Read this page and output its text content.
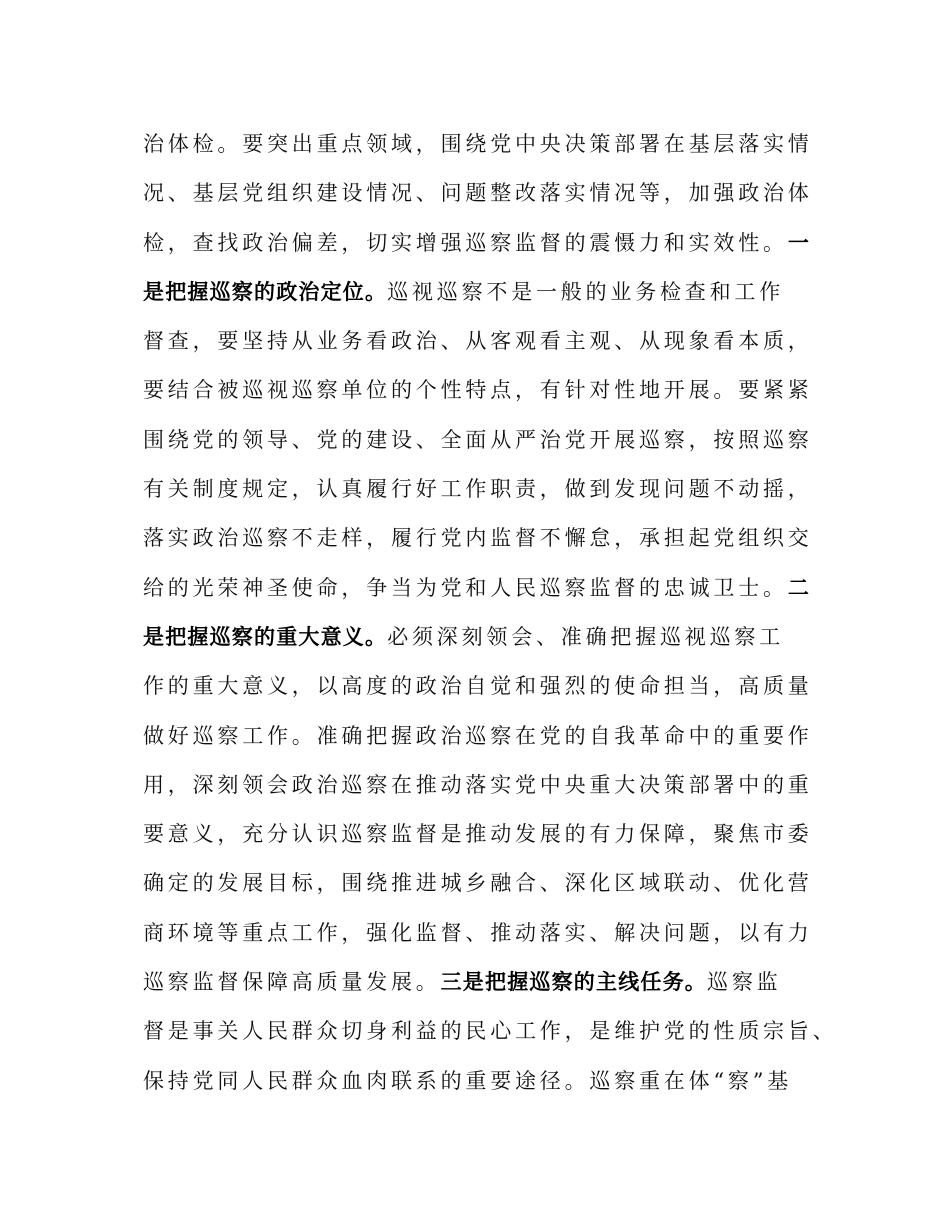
治体检。要突出重点领域，围绕党中央决策部署在基层落实情
况、基层党组织建设情况、问题整改落实情况等，加强政治体
检，查找政治偏差，切实增强巡察监督的震慑力和实效性。一
是把握巡察的政治定位。巡视巡察不是一般的业务检查和工作
督查，要坚持从业务看政治、从客观看主观、从现象看本质，
要结合被巡视巡察单位的个性特点，有针对性地开展。要紧紧
围绕党的领导、党的建设、全面从严治党开展巡察，按照巡察
有关制度规定，认真履行好工作职责，做到发现问题不动摇，
落实政治巡察不走样，履行党内监督不懈怠，承担起党组织交
给的光荣神圣使命，争当为党和人民巡察监督的忠诚卫士。二
是把握巡察的重大意义。必须深刻领会、准确把握巡视巡察工
作的重大意义，以高度的政治自觉和强烈的使命担当，高质量
做好巡察工作。准确把握政治巡察在党的自我革命中的重要作
用，深刻领会政治巡察在推动落实党中央重大决策部署中的重
要意义，充分认识巡察监督是推动发展的有力保障，聚焦市委
确定的发展目标，围绕推进城乡融合、深化区域联动、优化营
商环境等重点工作，强化监督、推动落实、解决问题，以有力
巡察监督保障高质量发展。三是把握巡察的主线任务。巡察监
督是事关人民群众切身利益的民心工作，是维护党的性质宗旨、
保持党同人民群众血肉联系的重要途径。巡察重在体“察”基
